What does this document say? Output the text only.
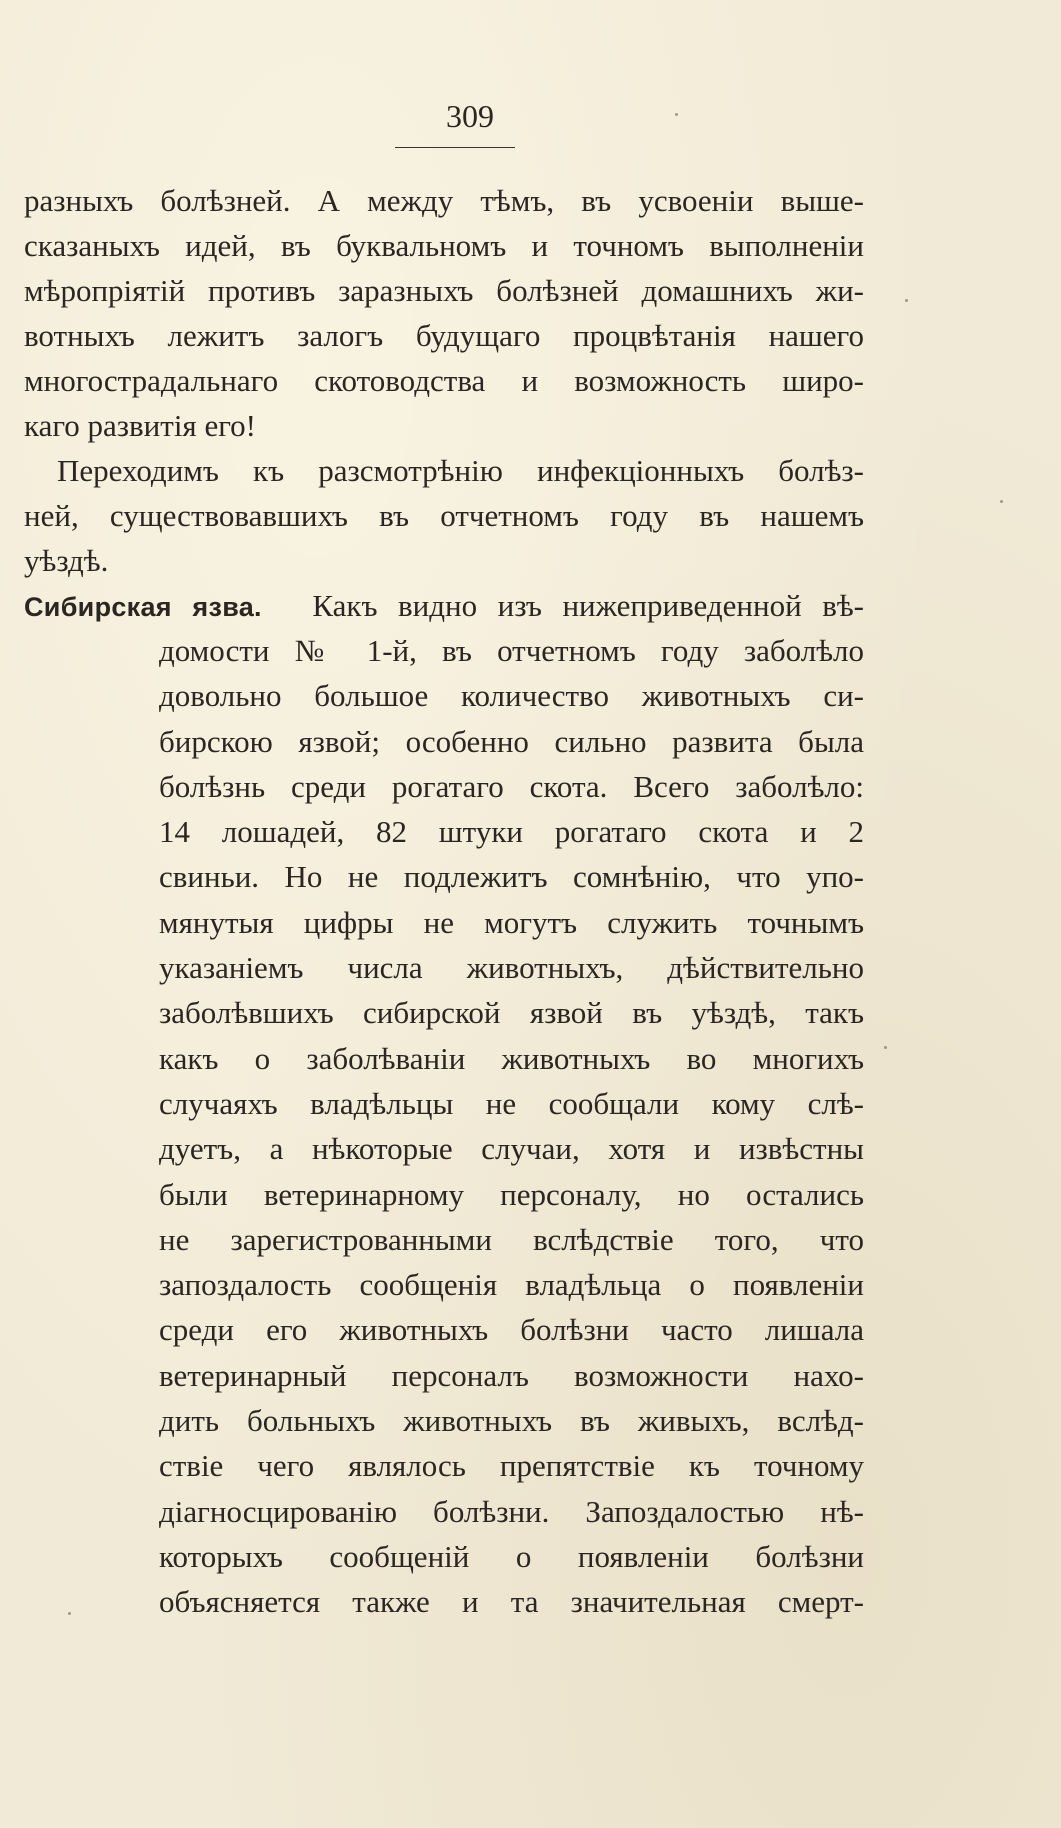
309
разныхъ болѣзней. А между тѣмъ, въ усвоеніи выше-
сказаныхъ идей, въ буквальномъ и точномъ выполненіи
мѣропріятій противъ заразныхъ болѣзней домашнихъ жи-
вотныхъ лежитъ залогъ будущаго процвѣтанія нашего
многострадальнаго скотоводства и возможность широ-
каго развитія его!
Переходимъ къ разсмотрѣнію инфекціонныхъ болѣз-
ней, существовавшихъ въ отчетномъ году въ нашемъ
уѣздѣ.
Сибирская язва. Какъ видно изъ нижеприведенной вѣ-
домости № 1-й, въ отчетномъ году заболѣло
довольно большое количество животныхъ си-
бирскою язвой; особенно сильно развита была
болѣзнь среди рогатаго скота. Всего заболѣло:
14 лошадей, 82 штуки рогатаго скота и 2
свиньи. Но не подлежитъ сомнѣнію, что упо-
мянутыя цифры не могутъ служить точнымъ
указаніемъ числа животныхъ, дѣйствительно
заболѣвшихъ сибирской язвой въ уѣздѣ, такъ
какъ о заболѣваніи животныхъ во многихъ
случаяхъ владѣльцы не сообщали кому слѣ-
дуетъ, а нѣкоторые случаи, хотя и извѣстны
были ветеринарному персоналу, но остались
не зарегистрованными вслѣдствіе того, что
запоздалость сообщенія владѣльца о появленіи
среди его животныхъ болѣзни часто лишала
ветеринарный персоналъ возможности нахо-
дить больныхъ животныхъ въ живыхъ, вслѣд-
ствіе чего являлось препятствіе къ точному
діагносцированію болѣзни. Запоздалостью нѣ-
которыхъ сообщеній о появленіи болѣзни
объясняется также и та значительная смерт-
